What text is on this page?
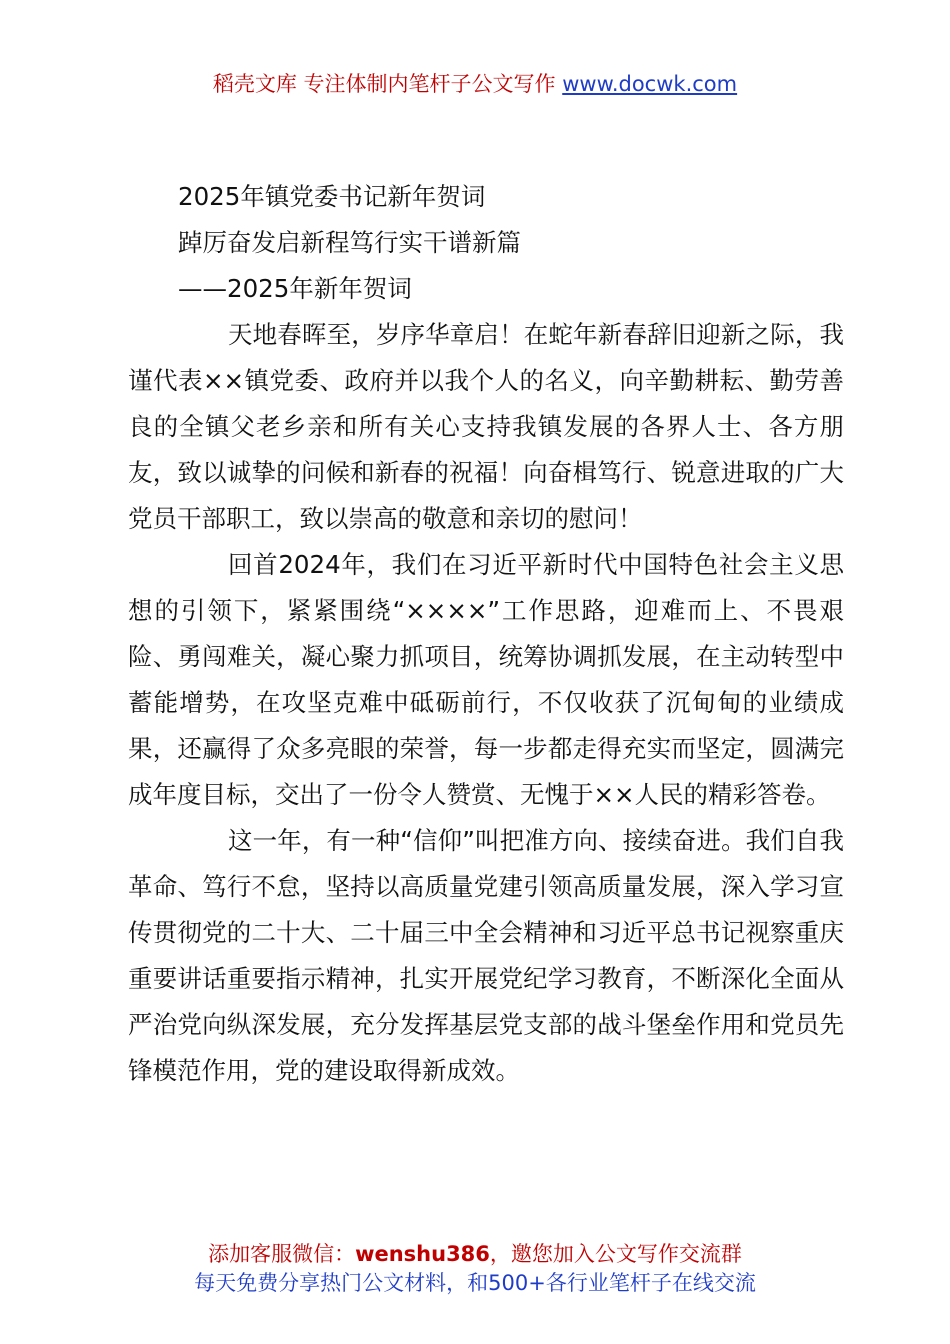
稻壳文库 专注体制内笔杆子公文写作 www.docwk.com
2025年镇党委书记新年贺词
踔厉奋发启新程笃行实干谱新篇
——2025年新年贺词

天地春晖至，岁序华章启！在蛇年新春辞旧迎新之际，我谨代表××镇党委、政府并以我个人的名义，向辛勤耕耘、勤劳善良的全镇父老乡亲和所有关心支持我镇发展的各界人士、各方朋友，致以诚挚的问候和新春的祝福！向奋楫笃行、锐意进取的广大党员干部职工，致以崇高的敬意和亲切的慰问！

回首2024年，我们在习近平新时代中国特色社会主义思想的引领下，紧紧围绕“××××”工作思路，迎难而上、不畏艰险、勇闯难关，凝心聚力抓项目，统筹协调抓发展，在主动转型中蓄能增势，在攻坚克难中砥砺前行，不仅收获了沉甸甸的业绩成果，还赢得了众多亮眼的荣誉，每一步都走得充实而坚定，圆满完成年度目标，交出了一份令人赞赏、无愧于××人民的精彩答卷。

这一年，有一种“信仰”叫把准方向、接续奋进。我们自我革命、笃行不怠，坚持以高质量党建引领高质量发展，深入学习宣传贯彻党的二十大、二十届三中全会精神和习近平总书记视察重庆重要讲话重要指示精神，扎实开展党纪学习教育，不断深化全面从严治党向纵深发展，充分发挥基层党支部的战斗堡垒作用和党员先锋模范作用，党的建设取得新成效。

添加客服微信：wenshu386，邀您加入公文写作交流群
每天免费分享热门公文材料，和500+各行业笔杆子在线交流
